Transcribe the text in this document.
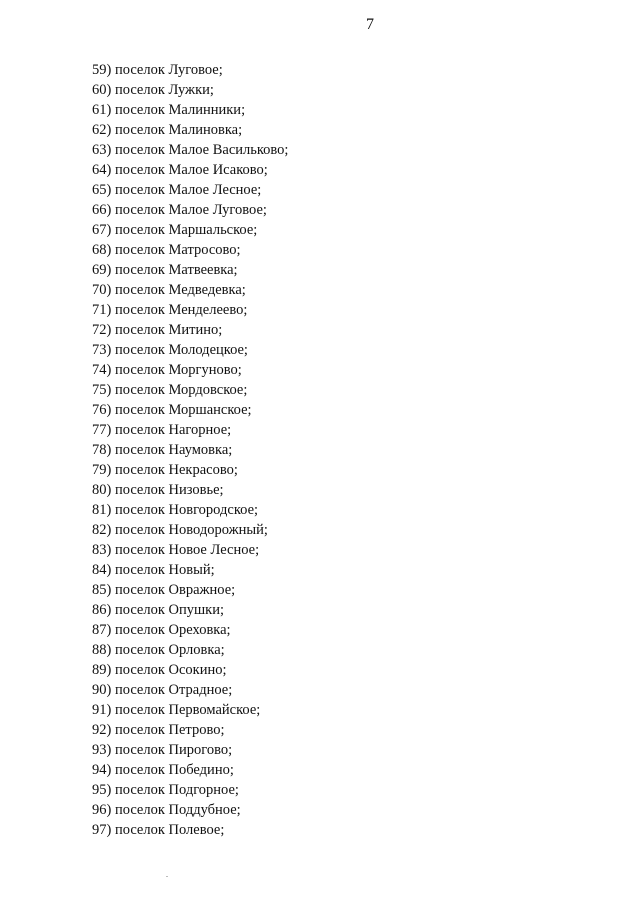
7
59) поселок Луговое;
60) поселок Лужки;
61) поселок Малинники;
62) поселок Малиновка;
63) поселок Малое Васильково;
64) поселок Малое Исаково;
65) поселок Малое Лесное;
66) поселок Малое Луговое;
67) поселок Маршальское;
68) поселок Матросово;
69) поселок Матвеевка;
70) поселок Медведевка;
71) поселок Менделеево;
72) поселок Митино;
73) поселок Молодецкое;
74) поселок Моргуново;
75) поселок Мордовское;
76) поселок Моршанское;
77) поселок Нагорное;
78) поселок Наумовка;
79) поселок Некрасово;
80) поселок Низовье;
81) поселок Новгородское;
82) поселок Новодорожный;
83) поселок Новое Лесное;
84) поселок Новый;
85) поселок Овражное;
86) поселок Опушки;
87) поселок Ореховка;
88) поселок Орловка;
89) поселок Осокино;
90) поселок Отрадное;
91) поселок Первомайское;
92) поселок Петрово;
93) поселок Пирогово;
94) поселок Победино;
95) поселок Подгорное;
96) поселок Поддубное;
97) поселок Полевое;
